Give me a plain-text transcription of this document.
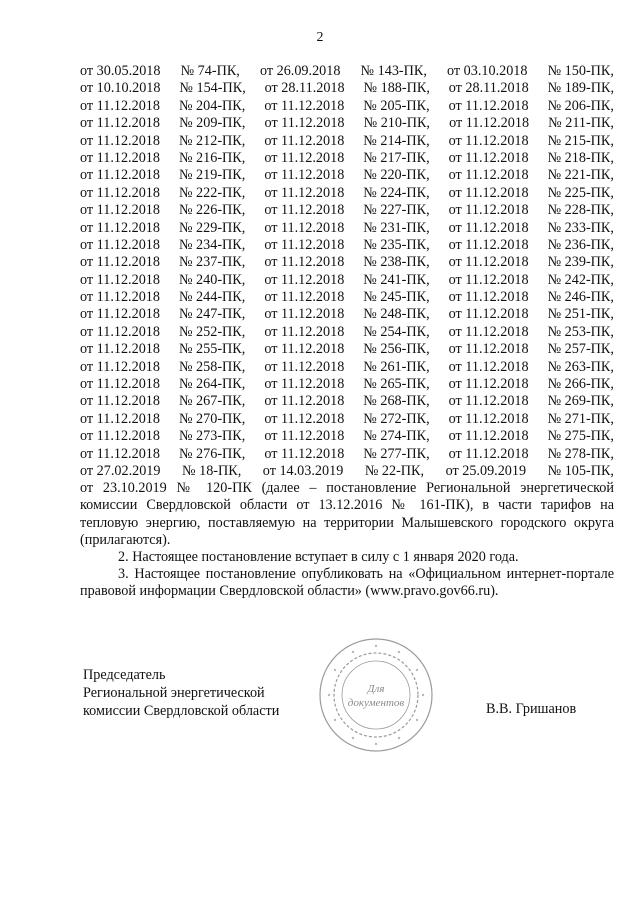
2
от 30.05.2018 № 74-ПК, от 26.09.2018 № 143-ПК, от 03.10.2018 № 150-ПК,
от 10.10.2018 № 154-ПК, от 28.11.2018 № 188-ПК, от 28.11.2018 № 189-ПК,
от 11.12.2018 № 204-ПК, от 11.12.2018 № 205-ПК, от 11.12.2018 № 206-ПК,
от 11.12.2018 № 209-ПК, от 11.12.2018 № 210-ПК, от 11.12.2018 № 211-ПК,
от 11.12.2018 № 212-ПК, от 11.12.2018 № 214-ПК, от 11.12.2018 № 215-ПК,
от 11.12.2018 № 216-ПК, от 11.12.2018 № 217-ПК, от 11.12.2018 № 218-ПК,
от 11.12.2018 № 219-ПК, от 11.12.2018 № 220-ПК, от 11.12.2018 № 221-ПК,
от 11.12.2018 № 222-ПК, от 11.12.2018 № 224-ПК, от 11.12.2018 № 225-ПК,
от 11.12.2018 № 226-ПК, от 11.12.2018 № 227-ПК, от 11.12.2018 № 228-ПК,
от 11.12.2018 № 229-ПК, от 11.12.2018 № 231-ПК, от 11.12.2018 № 233-ПК,
от 11.12.2018 № 234-ПК, от 11.12.2018 № 235-ПК, от 11.12.2018 № 236-ПК,
от 11.12.2018 № 237-ПК, от 11.12.2018 № 238-ПК, от 11.12.2018 № 239-ПК,
от 11.12.2018 № 240-ПК, от 11.12.2018 № 241-ПК, от 11.12.2018 № 242-ПК,
от 11.12.2018 № 244-ПК, от 11.12.2018 № 245-ПК, от 11.12.2018 № 246-ПК,
от 11.12.2018 № 247-ПК, от 11.12.2018 № 248-ПК, от 11.12.2018 № 251-ПК,
от 11.12.2018 № 252-ПК, от 11.12.2018 № 254-ПК, от 11.12.2018 № 253-ПК,
от 11.12.2018 № 255-ПК, от 11.12.2018 № 256-ПК, от 11.12.2018 № 257-ПК,
от 11.12.2018 № 258-ПК, от 11.12.2018 № 261-ПК, от 11.12.2018 № 263-ПК,
от 11.12.2018 № 264-ПК, от 11.12.2018 № 265-ПК, от 11.12.2018 № 266-ПК,
от 11.12.2018 № 267-ПК, от 11.12.2018 № 268-ПК, от 11.12.2018 № 269-ПК,
от 11.12.2018 № 270-ПК, от 11.12.2018 № 272-ПК, от 11.12.2018 № 271-ПК,
от 11.12.2018 № 273-ПК, от 11.12.2018 № 274-ПК, от 11.12.2018 № 275-ПК,
от 11.12.2018 № 276-ПК, от 11.12.2018 № 277-ПК, от 11.12.2018 № 278-ПК,
от 27.02.2019 № 18-ПК, от 14.03.2019 № 22-ПК, от 25.09.2019 № 105-ПК,
от 23.10.2019 № 120-ПК (далее – постановление Региональной энергетической комиссии Свердловской области от 13.12.2016 № 161-ПК), в части тарифов на тепловую энергию, поставляемую на территории Малышевского городского округа (прилагаются).
2. Настоящее постановление вступает в силу с 1 января 2020 года.
3. Настоящее постановление опубликовать на «Официальном интернет-портале правовой информации Свердловской области» (www.pravo.gov66.ru).
Председатель
Региональной энергетической
комиссии Свердловской области
Для
документов	В.В. Гришанов
